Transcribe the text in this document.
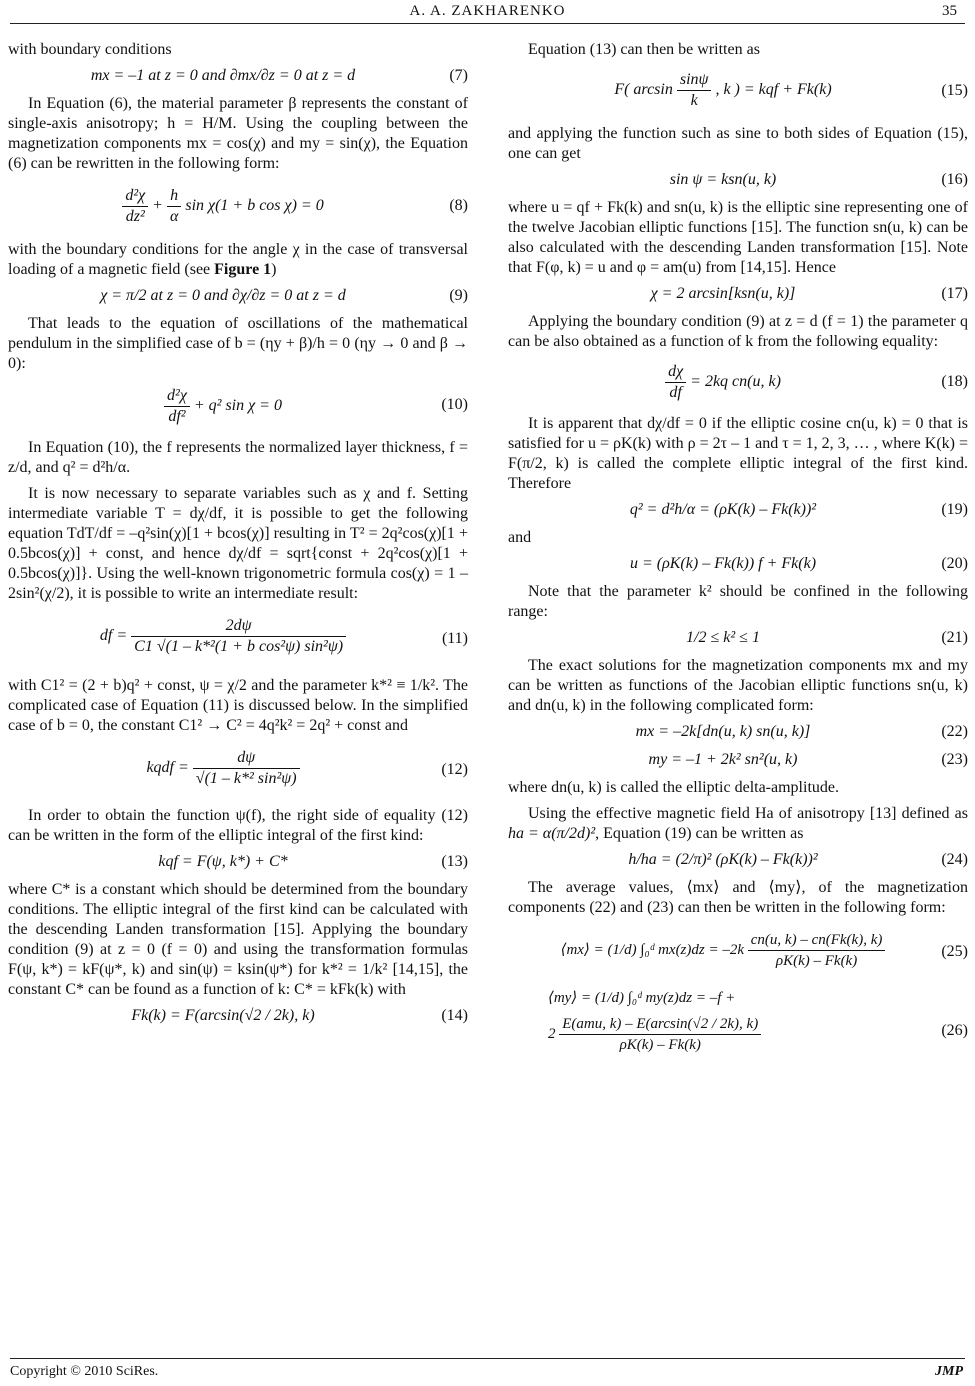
A. A. ZAKHARENKO	35

with boundary conditions

mx = –1 at z = 0 and ∂mx/∂z = 0 at z = d	(7)

In Equation (6), the material parameter β represents the constant of single-axis anisotropy; h = H/M. Using the coupling between the magnetization components mx = cos(χ) and my = sin(χ), the Equation (6) can be rewritten in the following form:

$\frac{\text{d²χ}}{\text{dz²}} + \frac{h}{\alpha}$ sin χ(1 + b cos χ) = 0	(8)

with the boundary conditions for the angle χ in the case of transversal loading of a magnetic field (see Figure 1)

χ = π/2 at z = 0 and ∂χ/∂z = 0 at z = d	(9)

That leads to the equation of oscillations of the mathematical pendulum in the simplified case of b = (ηy + β)/h = 0 (ηy → 0 and β → 0):

$\frac{\text{d²χ}}{\text{df²}} + q^2$ sin χ = 0	(10)

In Equation (10), the f represents the normalized layer thickness, f = z/d, and q² = d²h/α.

It is now necessary to separate variables such as χ and f. Setting intermediate variable T = dχ/df, it is possible to get the following equation TdT/df = –q²sin(χ)[1 + bcos(χ)] resulting in T² = 2q²cos(χ)[1 + 0.5bcos(χ)] + const, and hence dχ/df = sqrt{const + 2q²cos(χ)[1 + 0.5bcos(χ)]}. Using the well-known trigonometric formula cos(χ) = 1 – 2sin²(χ/2), it is possible to write an intermediate result:

df = $\frac{2d\psi}{\text{C1 √(1 – k*²(1 + b cos²ψ) sin²ψ)}}$	(11)

with C1² = (2 + b)q² + const, ψ = χ/2 and the parameter k*² ≡ 1/k². The complicated case of Equation (11) is discussed below. In the simplified case of b = 0, the constant C1² → C² = 4q²k² = 2q² + const and

kqdf = $\frac{d\psi}{\text{√(1 – k*² sin²ψ)}}$	(12)

In order to obtain the function ψ(f), the right side of equality (12) can be written in the form of the elliptic integral of the first kind:

kqf = F(ψ, k*) + C*	(13)

where C* is a constant which should be determined from the boundary conditions. The elliptic integral of the first kind can be calculated with the descending Landen transformation [15]. Applying the boundary condition (9) at z = 0 (f = 0) and using the transformation formulas F(ψ, k*) = kF(ψ*, k) and sin(ψ) = ksin(ψ*) for k*² = 1/k² [14,15], the constant C* can be found as a function of k: C* = kFk(k) with

Fk(k) = F(arcsin(√2 / 2k), k)	(14)

Equation (13) can then be written as

F( $\arcsin \frac{\sin\psi}{k}$ , k ) = kqf + Fk(k)	(15)

and applying the function such as sine to both sides of Equation (15), one can get

sin ψ = ksn(u, k)	(16)

where u = qf + Fk(k) and sn(u, k) is the elliptic sine representing one of the twelve Jacobian elliptic functions [15]. The function sn(u, k) can be also calculated with the descending Landen transformation [15]. Note that F(φ, k) = u and φ = am(u) from [14,15]. Hence

χ = 2 arcsin[ksn(u, k)]	(17)

Applying the boundary condition (9) at z = d (f = 1) the parameter q can be also obtained as a function of k from the following equality:

$\frac{d\chi}{df} = 2kq$ cn(u, k)	(18)

It is apparent that dχ/df = 0 if the elliptic cosine cn(u, k) = 0 that is satisfied for u = ρK(k) with ρ = 2τ – 1 and τ = 1, 2, 3, … , where K(k) = F(π/2, k) is called the complete elliptic integral of the first kind. Therefore

q² = d²h/α = (ρK(k) – Fk(k))²	(19)

and

u = (ρK(k) – Fk(k)) f + Fk(k)	(20)

Note that the parameter k² should be confined in the following range:

1/2 ≤ k² ≤ 1	(21)

The exact solutions for the magnetization components mx and my can be written as functions of the Jacobian elliptic functions sn(u, k) and dn(u, k) in the following complicated form:

mx = –2k[dn(u, k) sn(u, k)]	(22)
my = –1 + 2k² sn²(u, k)	(23)

where dn(u, k) is called the elliptic delta-amplitude.

Using the effective magnetic field Ha of anisotropy [13] defined as ha = α(π/2d)², Equation (19) can be written as

h/ha = (2/π)² (ρK(k) – Fk(k))²	(24)

The average values, ⟨mx⟩ and ⟨my⟩, of the magnetization components (22) and (23) can then be written in the following form:

⟨mx⟩ = (1/d) ∫₀ᵈ $mx(z)dz = -2k \frac{cn(u, k) - cn(Fk(k), k)}{\rho K(k) - Fk(k)}$	(25)
⟨my⟩ = (1/d) ∫₀ᵈ my(z)dz = –f +
$2 \frac{\text{E(amu, k) – E(arcsin(√2 / 2k), k)}}{\rho K(k) - Fk(k)}$	(26)
Copyright © 2010 SciRes.	JMP
